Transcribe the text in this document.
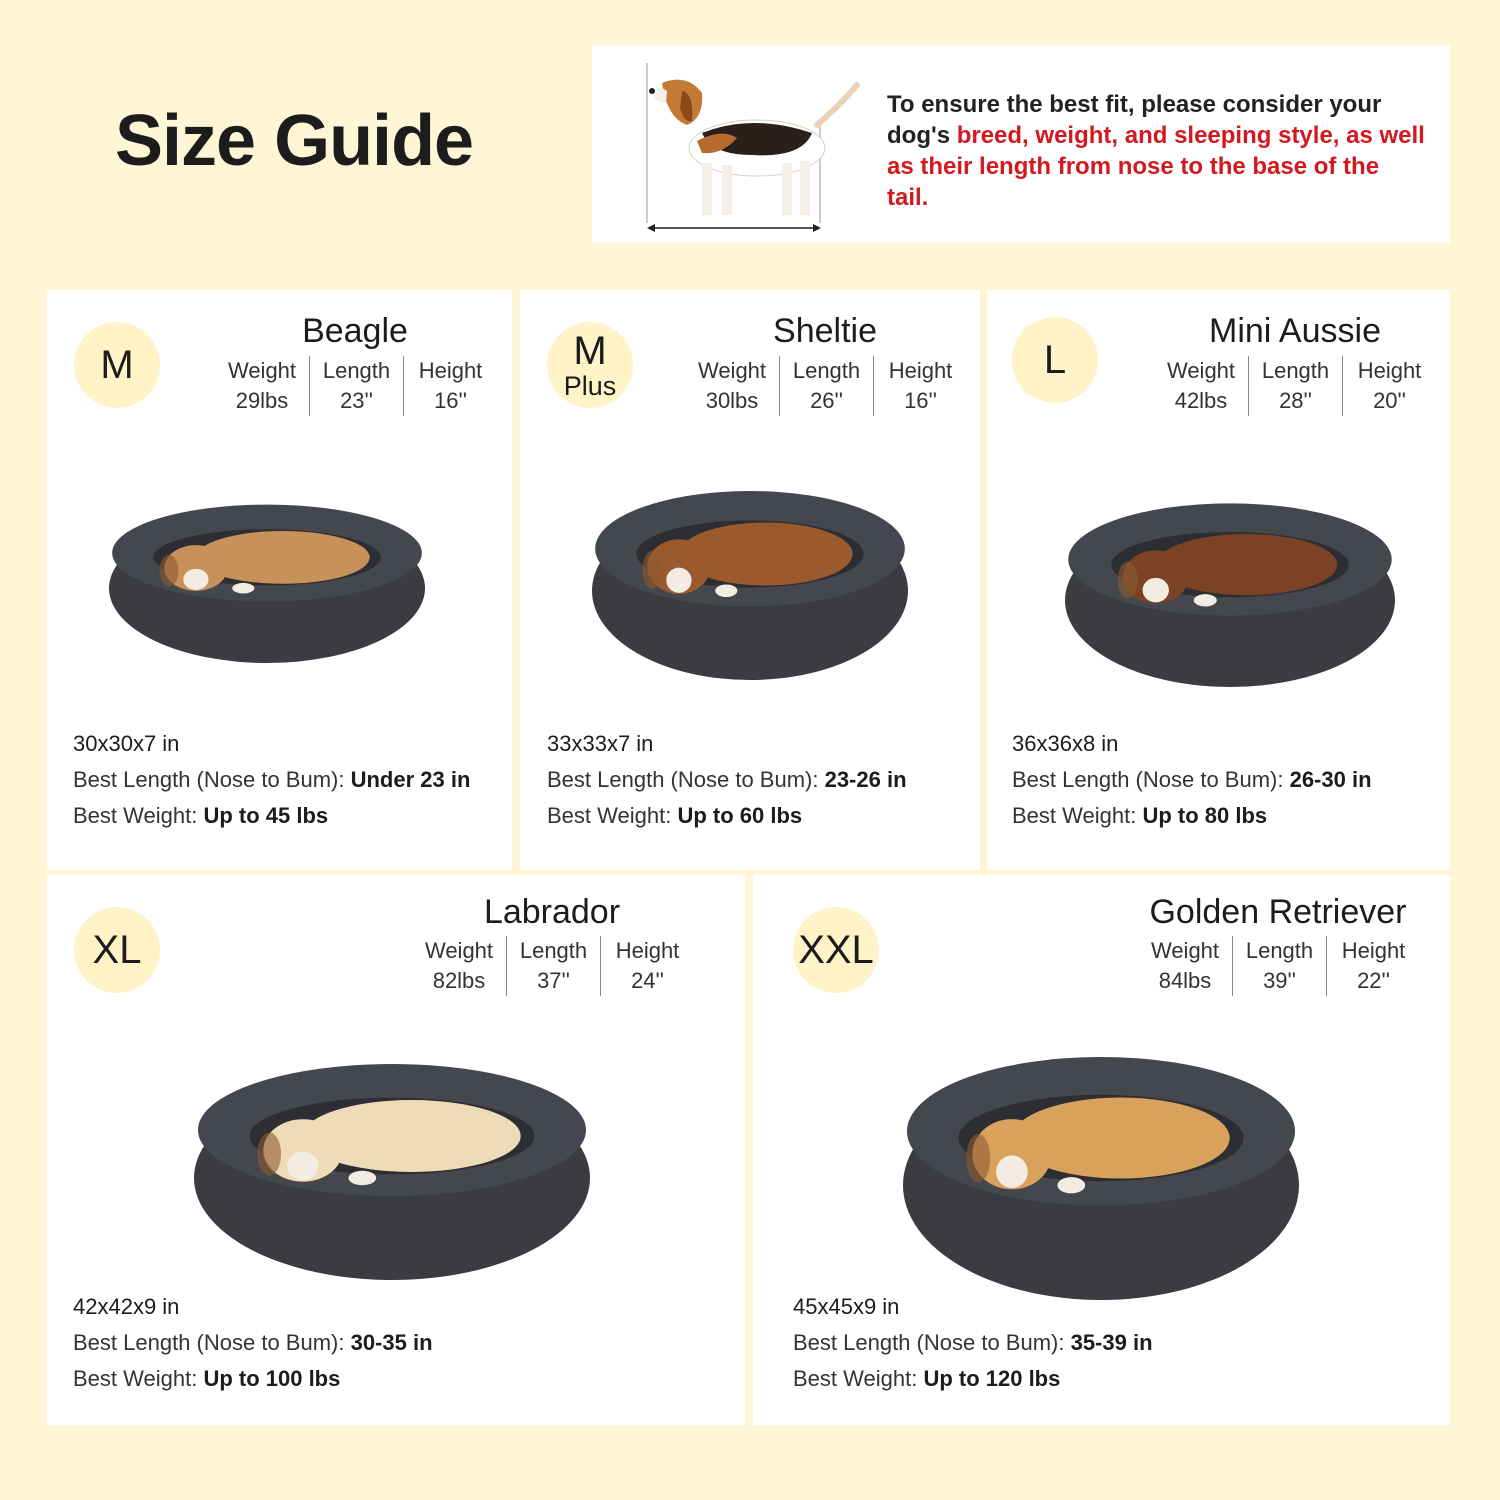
Size Guide	To ensure the best fit, please consider your dog's breed, weight, and sleeping style, as well as their length from nose to the base of the tail.
M
Beagle
Weight
29lbs
Length
23''
Height
16''
30x30x7 in
Best Length (Nose to Bum): Under 23 in
Best Weight: Up to 45 lbs
M
Plus
Sheltie
Weight
30lbs
Length
26''
Height
16''
33x33x7 in
Best Length (Nose to Bum): 23-26 in
Best Weight: Up to 60 lbs
L
Mini Aussie
Weight
42lbs
Length
28''
Height
20''
36x36x8 in
Best Length (Nose to Bum): 26-30 in
Best Weight: Up to 80 lbs
XL
Labrador
Weight
82lbs
Length
37''
Height
24''
42x42x9 in
Best Length (Nose to Bum): 30-35 in
Best Weight: Up to 100 lbs
XXL
Golden Retriever
Weight
84lbs
Length
39''
Height
22''
45x45x9 in
Best Length (Nose to Bum): 35-39 in
Best Weight: Up to 120 lbs
